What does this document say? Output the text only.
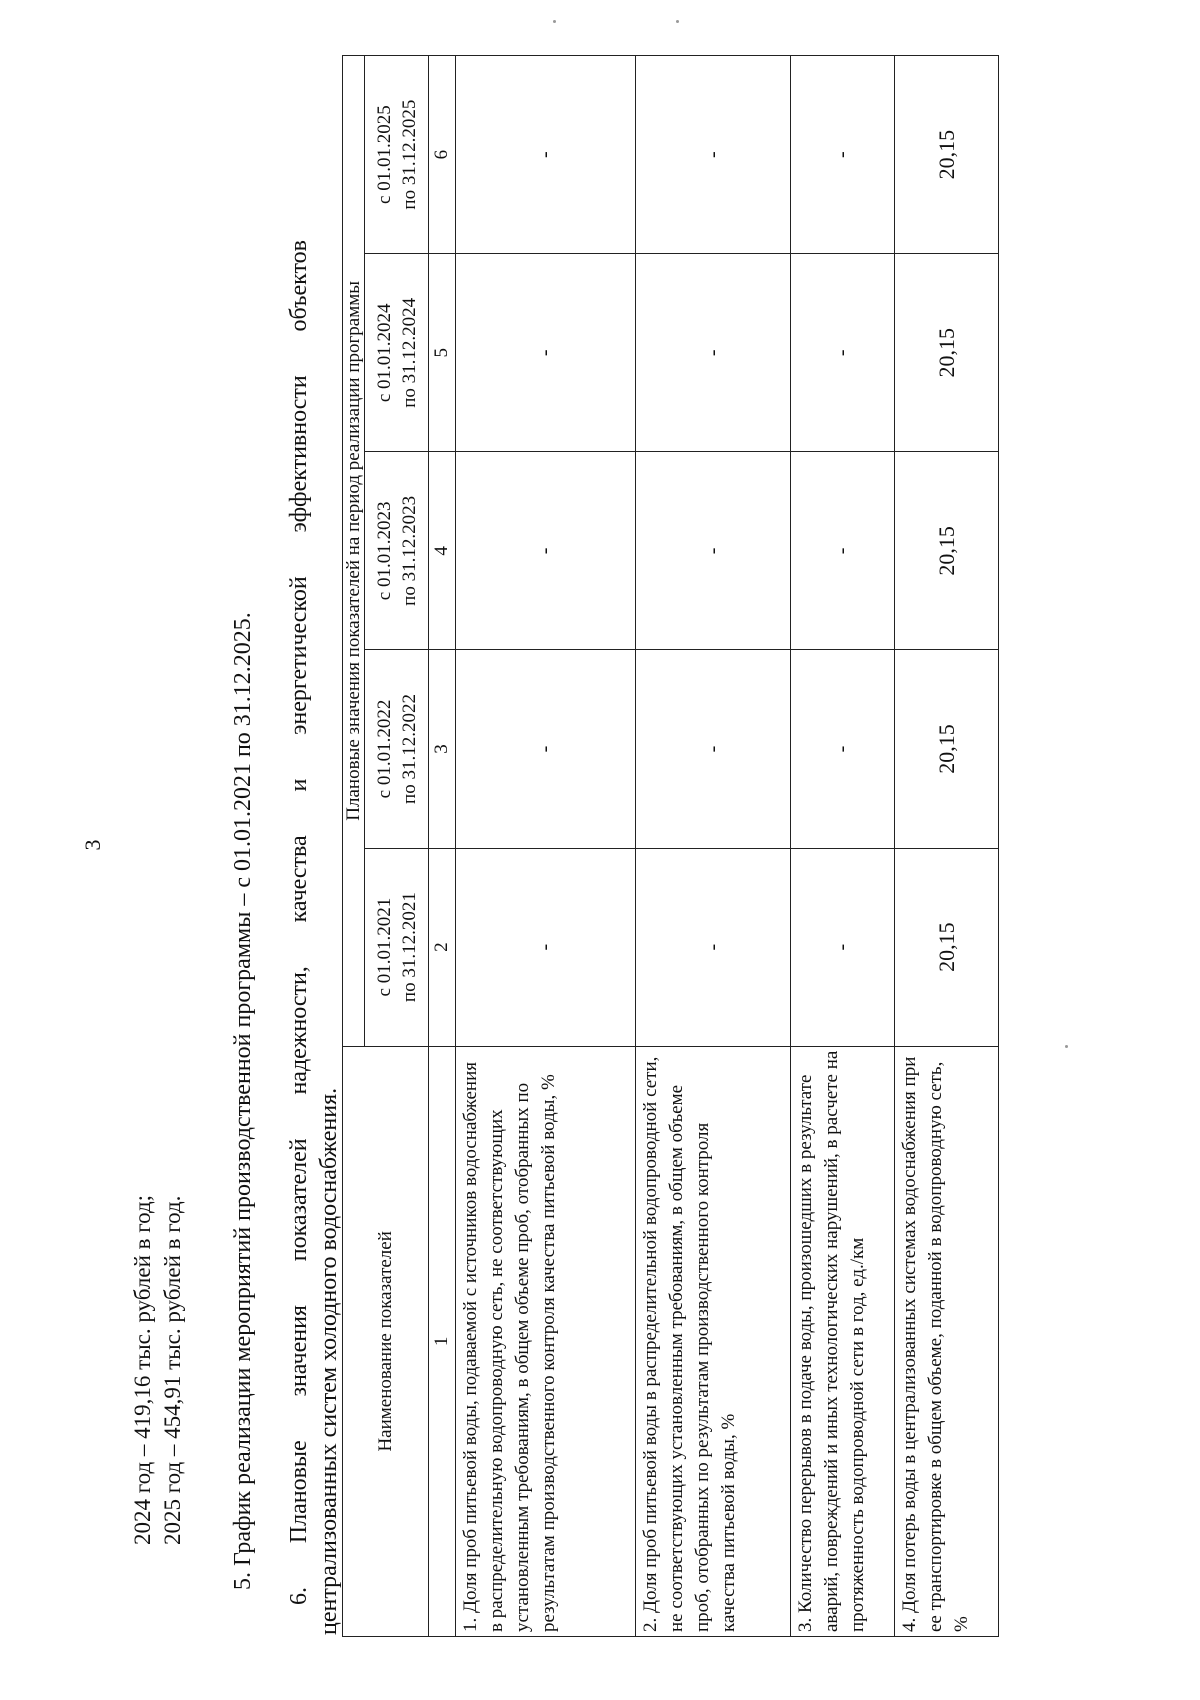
3
2024 год – 419,16 тыс. рублей в год; 2025 год – 454,91 тыс. рублей в год. 5. График реализации мероприятий производственной программы – с 01.01.2021 по 31.12.2025. 6. Плановые значения показателей надежности, качества и энергетической эффективности объектов централизованных систем холодного водоснабжения. Наименование показателей	Плановые значения показателей на период реализации программы				
	с 01.01.2021 по 31.12.2021	с 01.01.2022 по 31.12.2022	с 01.01.2023 по 31.12.2023	с 01.01.2024 по 31.12.2024	с 01.01.2025 по 31.12.2025
1	2	3	4	5	6
1. Доля проб питьевой воды, подаваемой с источников водоснабжения в распределительную водопроводную сеть, не соответствующих установленным требованиям, в общем объеме проб, отобранных по результатам производственного контроля качества питьевой воды, %	-	-	-	-	-
2. Доля проб питьевой воды в распределительной водопроводной сети, не соответствующих установленным требованиям, в общем объеме проб, отобранных по результатам производственного контроля качества питьевой воды, %	-	-	-	-	-
3. Количество перерывов в подаче воды, произошедших в результате аварий, повреждений и иных технологических нарушений, в расчете на протяженность водопроводной сети в год, ед./км	-	-	-	-	-
4. Доля потерь воды в централизованных системах водоснабжения при ее транспортировке в общем объеме, поданной в водопроводную сеть, %	20,15	20,15	20,15	20,15	20,15
